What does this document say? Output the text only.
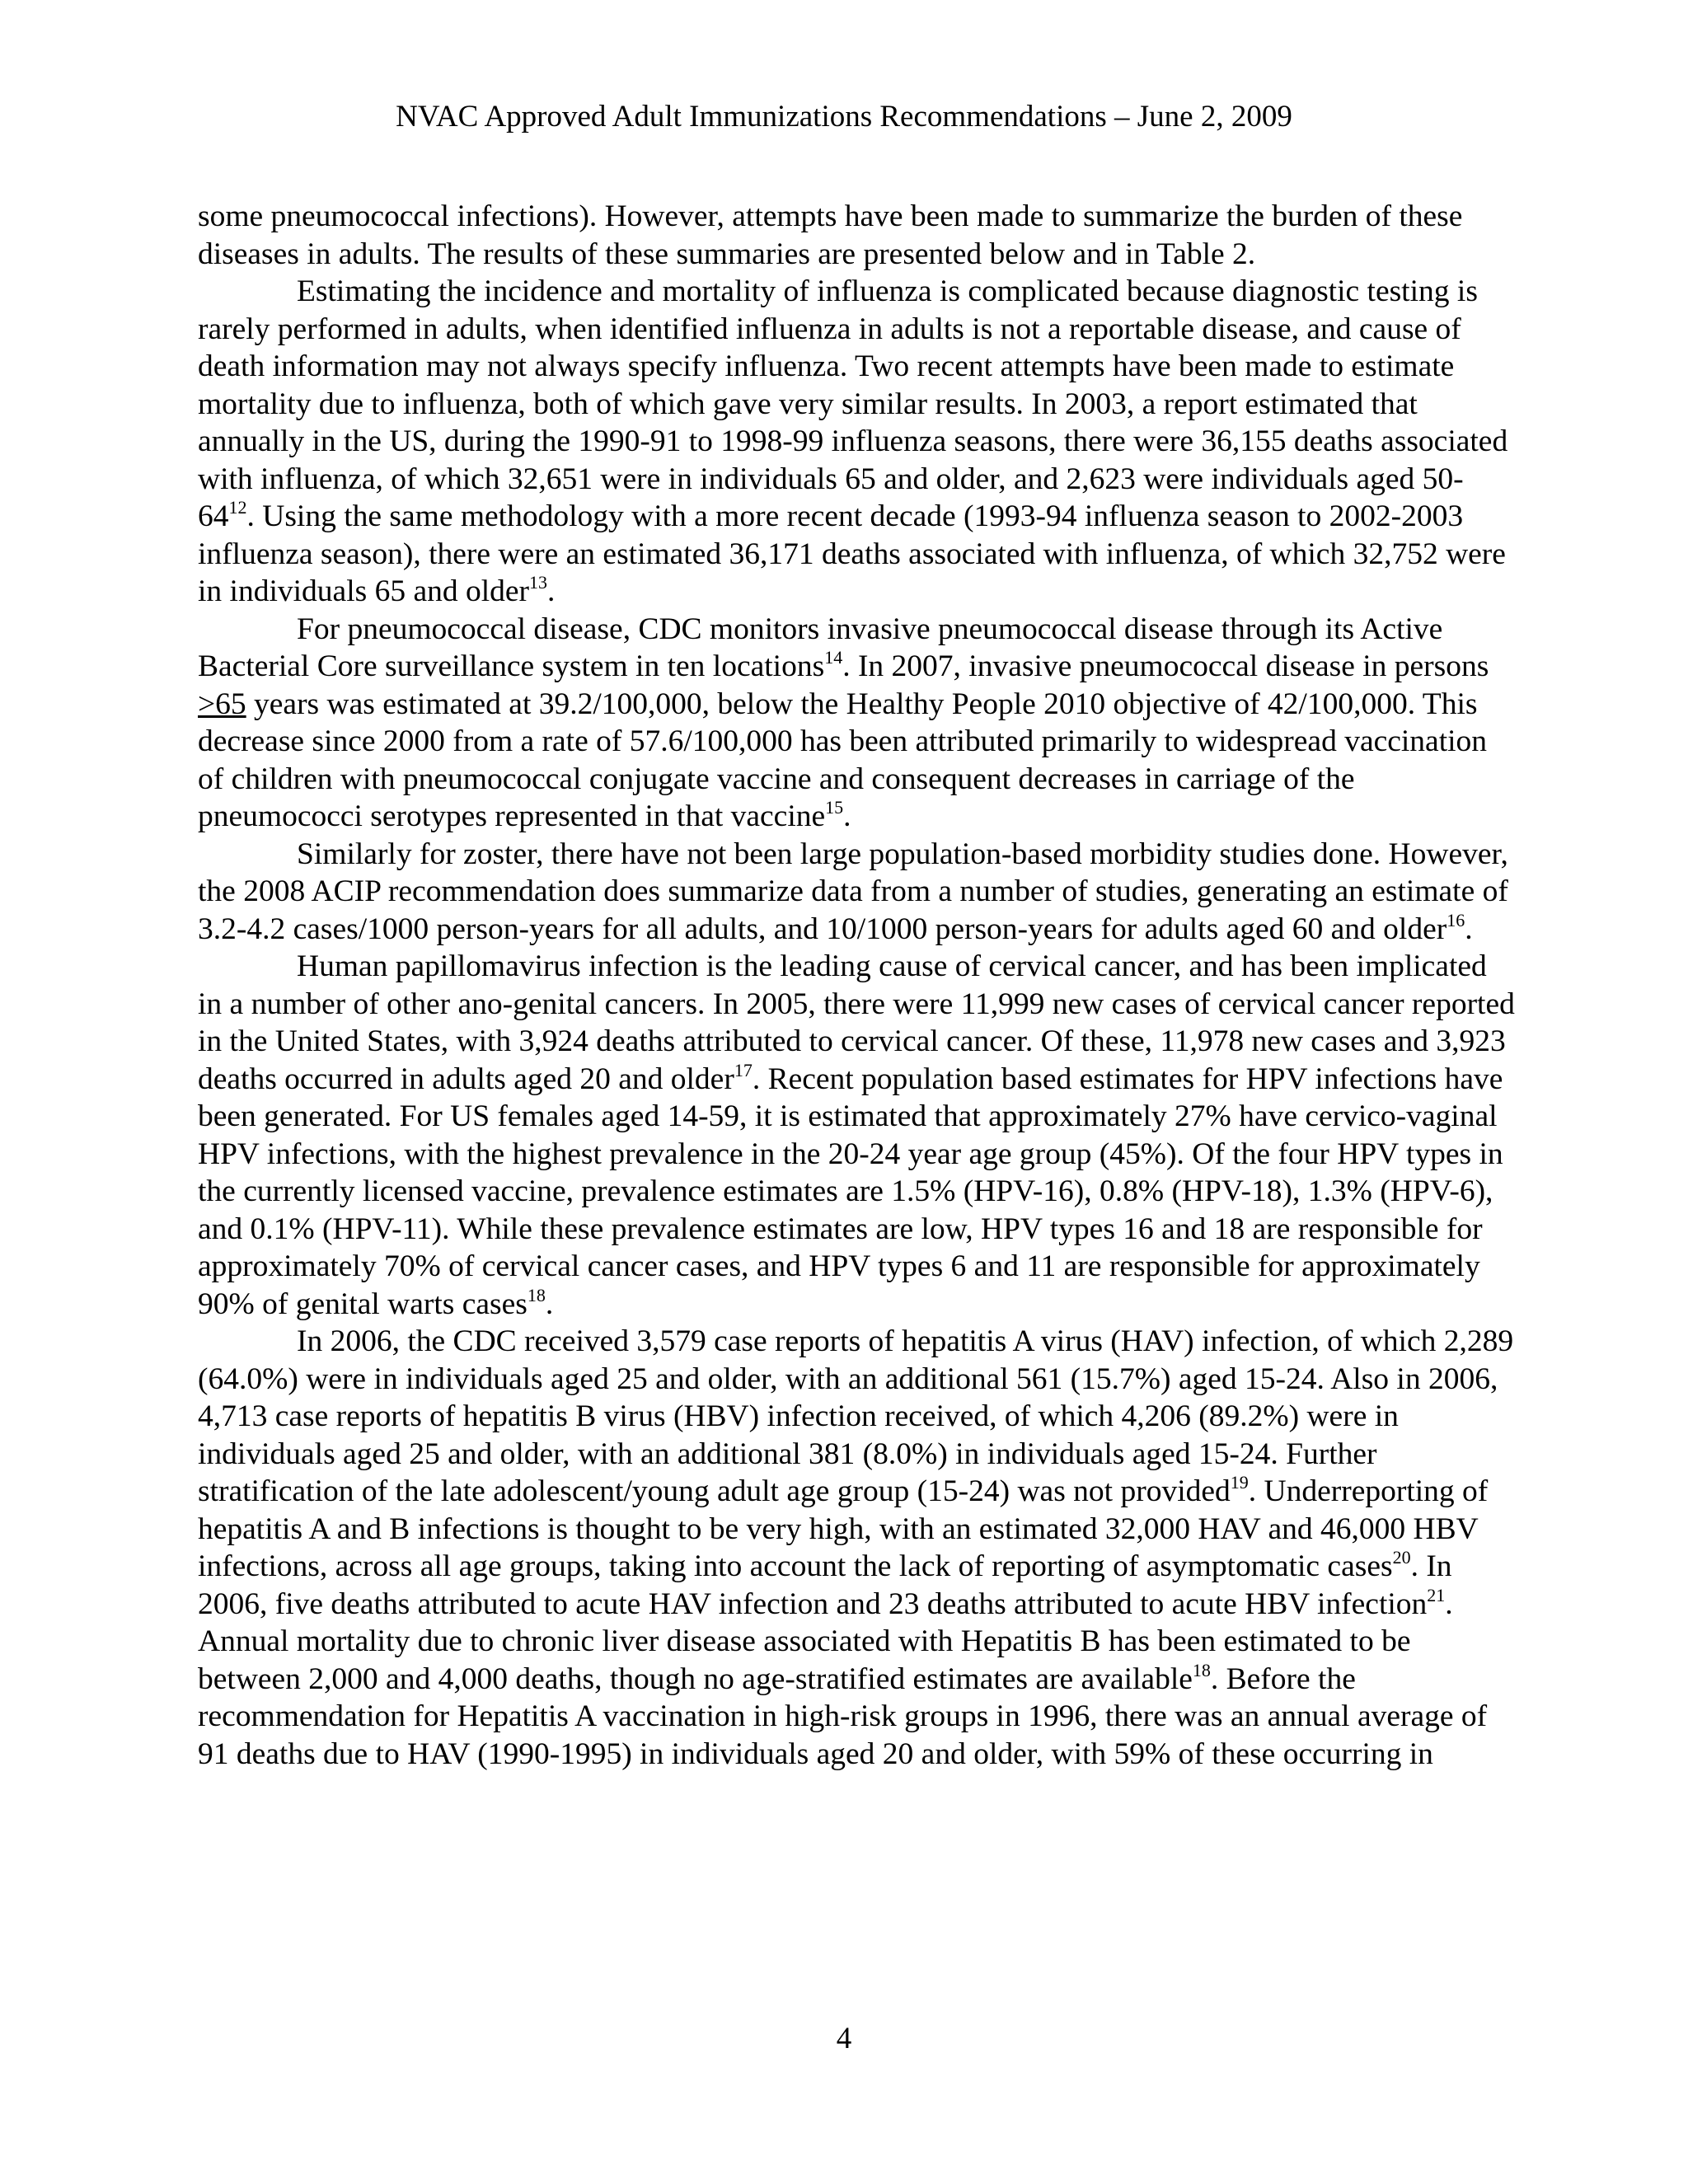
NVAC Approved Adult Immunizations Recommendations – June 2, 2009

some pneumococcal infections). However, attempts have been made to summarize the burden of these diseases in adults. The results of these summaries are presented below and in Table 2.

Estimating the incidence and mortality of influenza is complicated because diagnostic testing is rarely performed in adults, when identified influenza in adults is not a reportable disease, and cause of death information may not always specify influenza. Two recent attempts have been made to estimate mortality due to influenza, both of which gave very similar results. In 2003, a report estimated that annually in the US, during the 1990-91 to 1998-99 influenza seasons, there were 36,155 deaths associated with influenza, of which 32,651 were in individuals 65 and older, and 2,623 were individuals aged $50-64^{12}$. Using the same methodology with a more recent decade (1993-94 influenza season to 2002-2003 influenza season), there were an estimated 36,171 deaths associated with influenza, of which 32,752 were in individuals 65 and older$^{13}$.

For pneumococcal disease, CDC monitors invasive pneumococcal disease through its Active Bacterial Core surveillance system in ten locations$^{14}$. In 2007, invasive pneumococcal disease in persons >65 years was estimated at 39.2/100,000, below the Healthy People 2010 objective of 42/100,000. This decrease since 2000 from a rate of 57.6/100,000 has been attributed primarily to widespread vaccination of children with pneumococcal conjugate vaccine and consequent decreases in carriage of the pneumococci serotypes represented in that vaccine$^{15}$.

Similarly for zoster, there have not been large population-based morbidity studies done. However, the 2008 ACIP recommendation does summarize data from a number of studies, generating an estimate of 3.2-4.2 cases/1000 person-years for all adults, and 10/1000 person-years for adults aged 60 and older$^{16}$.

Human papillomavirus infection is the leading cause of cervical cancer, and has been implicated in a number of other ano-genital cancers. In 2005, there were 11,999 new cases of cervical cancer reported in the United States, with 3,924 deaths attributed to cervical cancer. Of these, 11,978 new cases and 3,923 deaths occurred in adults aged 20 and older$^{17}$. Recent population based estimates for HPV infections have been generated. For US females aged 14-59, it is estimated that approximately 27% have cervico-vaginal HPV infections, with the highest prevalence in the 20-24 year age group (45%). Of the four HPV types in the currently licensed vaccine, prevalence estimates are 1.5% (HPV-16), 0.8% (HPV-18), 1.3% (HPV-6), and 0.1% (HPV-11). While these prevalence estimates are low, HPV types 16 and 18 are responsible for approximately 70% of cervical cancer cases, and HPV types 6 and 11 are responsible for approximately 90% of genital warts cases$^{18}$.

In 2006, the CDC received 3,579 case reports of hepatitis A virus (HAV) infection, of which 2,289 (64.0%) were in individuals aged 25 and older, with an additional 561 (15.7%) aged 15-24. Also in 2006, 4,713 case reports of hepatitis B virus (HBV) infection received, of which 4,206 (89.2%) were in individuals aged 25 and older, with an additional 381 (8.0%) in individuals aged 15-24. Further stratification of the late adolescent/young adult age group (15-24) was not provided$^{19}$. Underreporting of hepatitis A and B infections is thought to be very high, with an estimated 32,000 HAV and 46,000 HBV infections, across all age groups, taking into account the lack of reporting of asymptomatic cases$^{20}$. In 2006, five deaths attributed to acute HAV infection and 23 deaths attributed to acute HBV infection$^{21}$. Annual mortality due to chronic liver disease associated with Hepatitis B has been estimated to be between 2,000 and 4,000 deaths, though no age-stratified estimates are available$^{18}$. Before the recommendation for Hepatitis A vaccination in high-risk groups in 1996, there was an annual average of 91 deaths due to HAV (1990-1995) in individuals aged 20 and older, with 59% of these occurring in

4
